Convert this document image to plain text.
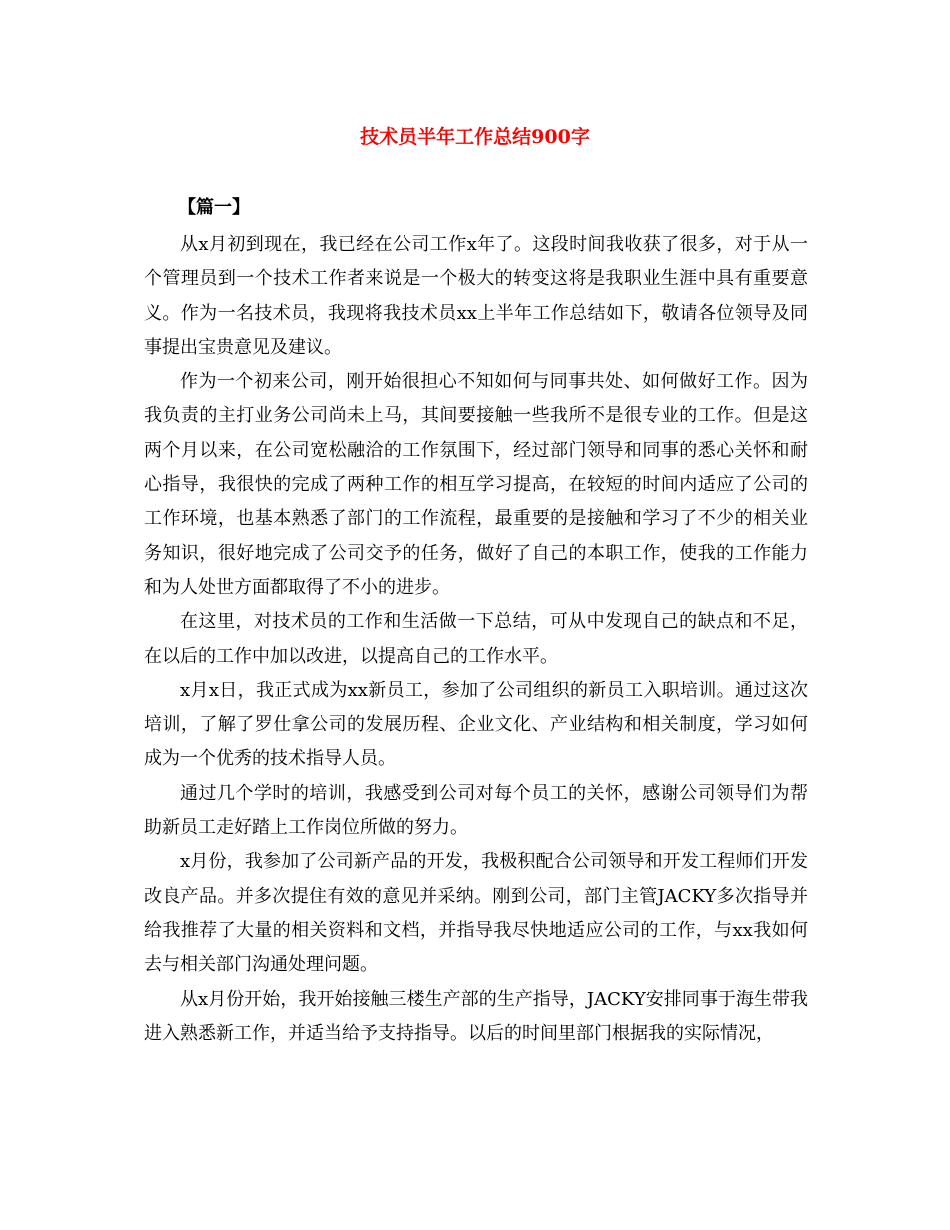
技术员半年工作总结900字
【篇一】

从x月初到现在，我已经在公司工作x年了。这段时间我收获了很多，对于从一个管理员到一个技术工作者来说是一个极大的转变这将是我职业生涯中具有重要意义。作为一名技术员，我现将我技术员xx上半年工作总结如下，敬请各位领导及同事提出宝贵意见及建议。

作为一个初来公司，刚开始很担心不知如何与同事共处、如何做好工作。因为我负责的主打业务公司尚未上马，其间要接触一些我所不是很专业的工作。但是这两个月以来，在公司宽松融洽的工作氛围下，经过部门领导和同事的悉心关怀和耐心指导，我很快的完成了两种工作的相互学习提高，在较短的时间内适应了公司的工作环境，也基本熟悉了部门的工作流程，最重要的是接触和学习了不少的相关业务知识，很好地完成了公司交予的任务，做好了自己的本职工作，使我的工作能力和为人处世方面都取得了不小的进步。

在这里，对技术员的工作和生活做一下总结，可从中发现自己的缺点和不足，在以后的工作中加以改进，以提高自己的工作水平。

x月x日，我正式成为xx新员工，参加了公司组织的新员工入职培训。通过这次培训，了解了罗仕拿公司的发展历程、企业文化、产业结构和相关制度，学习如何成为一个优秀的技术指导人员。

通过几个学时的培训，我感受到公司对每个员工的关怀，感谢公司领导们为帮助新员工走好踏上工作岗位所做的努力。

x月份，我参加了公司新产品的开发，我极积配合公司领导和开发工程师们开发改良产品。并多次提住有效的意见并采纳。刚到公司，部门主管JACKY多次指导并给我推荐了大量的相关资料和文档，并指导我尽快地适应公司的工作，与xx我如何去与相关部门沟通处理问题。

从x月份开始，我开始接触三楼生产部的生产指导，JACKY安排同事于海生带我进入熟悉新工作，并适当给予支持指导。以后的时间里部门根据我的实际情况，
